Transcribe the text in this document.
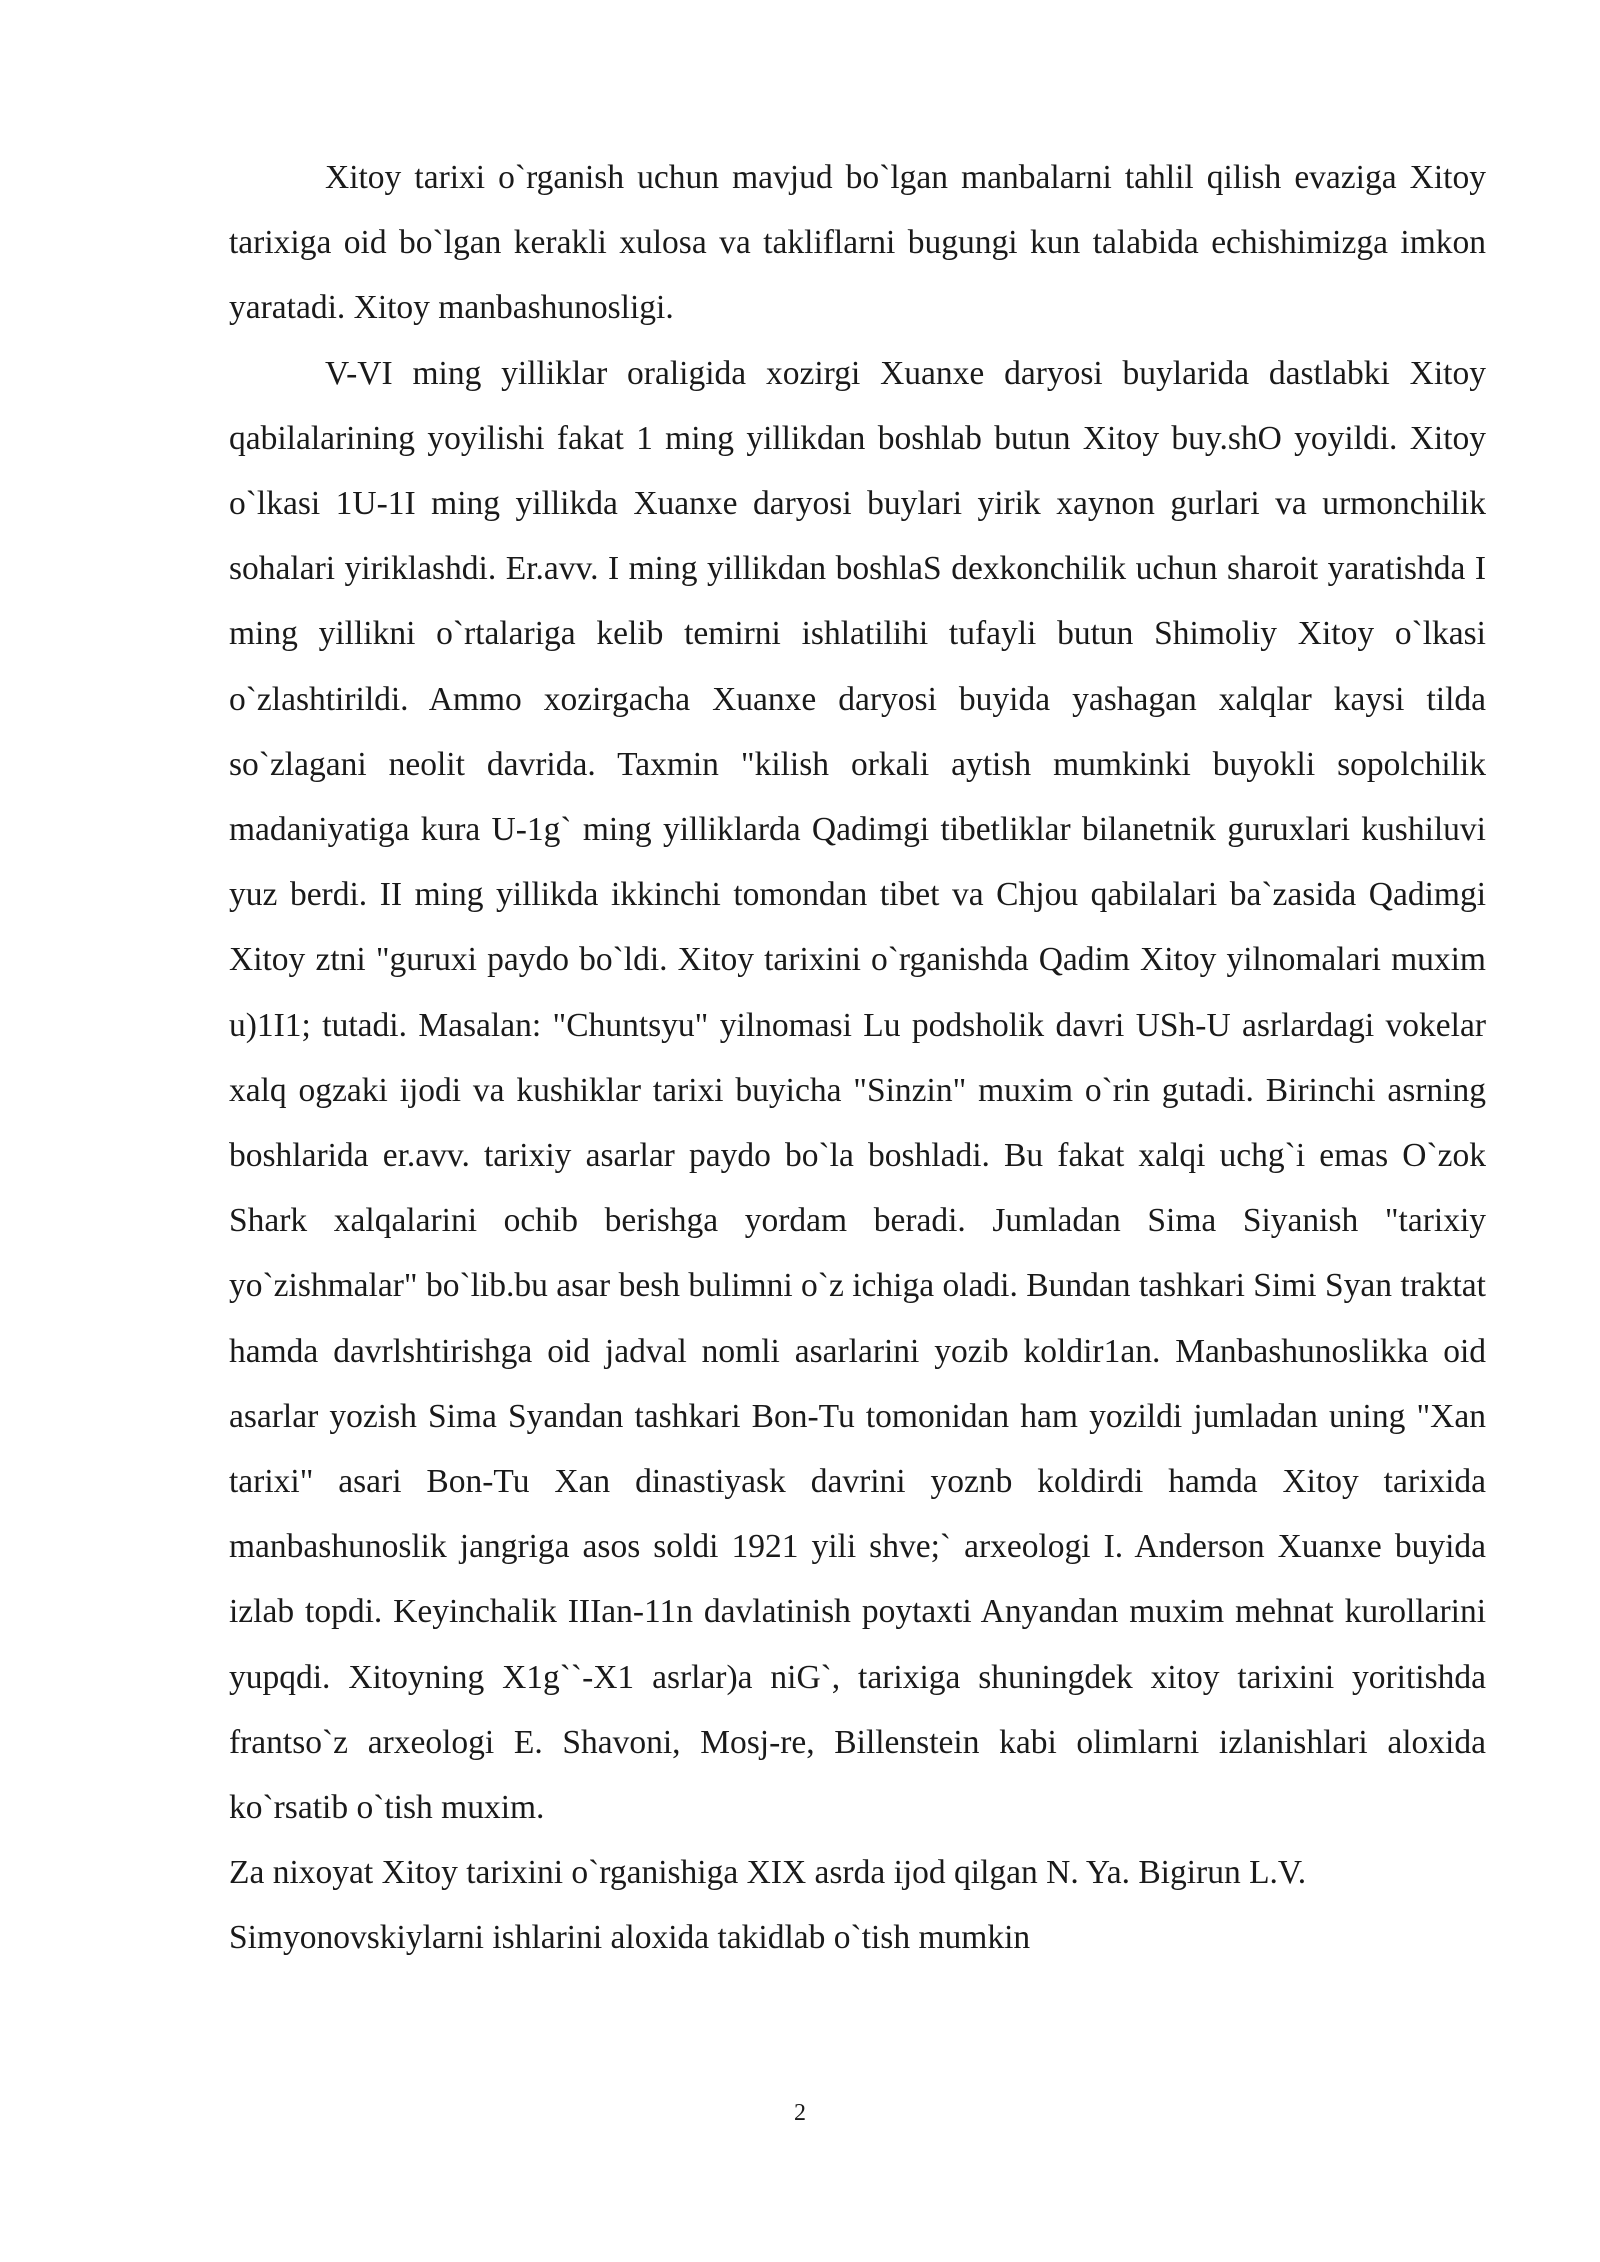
Xitoy tarixi o`rganish uchun mavjud bo`lgan manbalarni tahlil qilish evaziga Xitoy tarixiga oid bo`lgan kerakli xulosa va takliflarni bugungi kun talabida echishimizga imkon yaratadi. Xitoy manbashunosligi.

V-VI ming yilliklar oraligida xozirgi Xuanxe daryosi buylarida dastlabki Xitoy qabilalarining yoyilishi fakat 1 ming yillikdan boshlab butun Xitoy buy.shO yoyildi. Xitoy o`lkasi 1U-1I ming yillikda Xuanxe daryosi buylari yirik xaynon gurlari va urmonchilik sohalari yiriklashdi. Er.avv. I ming yillikdan boshlaS dexkonchilik uchun sharoit yaratishda I ming yillikni o`rtalariga kelib temirni ishlatilihi tufayli butun Shimoliy Xitoy o`lkasi o`zlashtirildi. Ammo xozirgacha Xuanxe daryosi buyida yashagan xalqlar kaysi tilda so`zlagani neolit davrida. Taxmin "kilish orkali aytish mumkinki buyokli sopolchilik madaniyatiga kura U-1g` ming yilliklarda Qadimgi tibetliklar bilanetnik guruxlari kushiluvi yuz berdi. II ming yillikda ikkinchi tomondan tibet va Chjou qabilalari ba`zasida Qadimgi Xitoy ztni "guruxi paydo bo`ldi. Xitoy tarixini o`rganishda Qadim Xitoy yilnomalari muxim u)1I1; tutadi. Masalan: "Chuntsyu" yilnomasi Lu podsholik davri USh-U asrlardagi vokelar xalq ogzaki ijodi va kushiklar tarixi buyicha "Sinzin" muxim o`rin gutadi. Birinchi asrning boshlarida er.avv. tarixiy asarlar paydo bo`la boshladi. Bu fakat xalqi uchg`i emas O`zok Shark xalqalarini ochib berishga yordam beradi. Jumladan Sima Siyanish "tarixiy yo`zishmalar" bo`lib.bu asar besh bulimni o`z ichiga oladi. Bundan tashkari Simi Syan traktat hamda davrlshtirishga oid jadval nomli asarlarini yozib koldir1an. Manbashunoslikka oid asarlar yozish Sima Syandan tashkari Bon-Tu tomonidan ham yozildi jumladan uning "Xan tarixi" asari Bon-Tu Xan dinastiyask davrini yoznb koldirdi hamda Xitoy tarixida manbashunoslik jangriga asos soldi 1921 yili shve;` arxeologi I. Anderson Xuanxe buyida izlab topdi. Keyinchalik IIIan-11n davlatinish poytaxti Anyandan muxim mehnat kurollarini yupqdi. Xitoyning X1g``-X1 asrlar)a niG`, tarixiga shuningdek xitoy tarixini yoritishda frantso`z arxeologi E. Shavoni, Mosj-re, Billenstein kabi olimlarni izlanishlari aloxida ko`rsatib o`tish muxim.

Za nixoyat Xitoy tarixini o`rganishiga XIX asrda ijod qilgan N. Ya. Bigirun L.V. Simyonovskiylarni ishlarini aloxida takidlab o`tish mumkin

2
